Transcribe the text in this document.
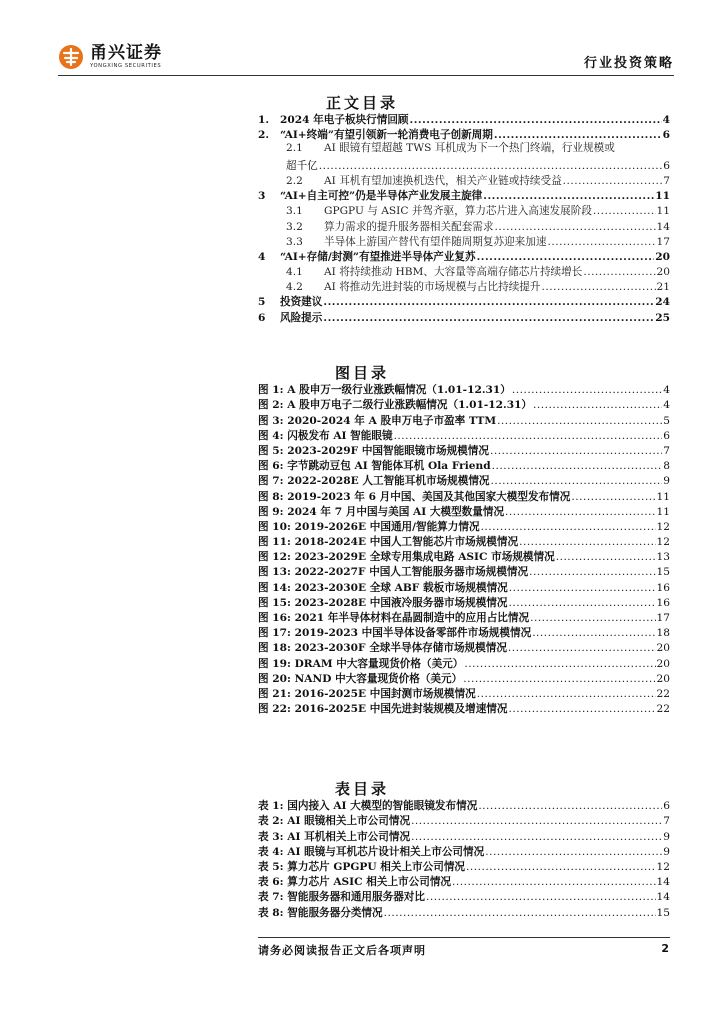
甬兴证券
YONGXING SECURITIES	行业投资策略
正文目录
1.	2024 年电子板块行情回顾 .....	4
2.	“AI+终端”有望引领新一轮消费电子创新周期 .....	6
2.1 AI 眼镜有望超越 TWS 耳机成为下一个热门终端，行业规模或
超千亿 .....	6
2.2	AI 耳机有望加速换机迭代，相关产业链或持续受益 .....	7
3	“AI+自主可控”仍是半导体产业发展主旋律 .....	11
3.1	GPGPU 与 ASIC 并驾齐驱，算力芯片进入高速发展阶段 .....	11
3.2	算力需求的提升服务器相关配套需求 .....	14
3.3	半导体上游国产替代有望伴随周期复苏迎来加速 .....	17
4	“AI+存储/封测”有望推进半导体产业复苏 .....	20
4.1	AI 将持续推动 HBM、大容量等高端存储芯片持续增长 .....	20
4.2	AI 将推动先进封装的市场规模与占比持续提升 .....	21
5	投资建议 .....	24
6	风险提示 .....	25
图目录
图 1: A 股申万一级行业涨跌幅情况（1.01-12.31） .....	4
图 2: A 股申万电子二级行业涨跌幅情况（1.01-12.31） .....	4
图 3: 2020-2024 年 A 股申万电子市盈率 TTM .....	5
图 4: 闪极发布 AI 智能眼镜 .....	6
图 5: 2023-2029F 中国智能眼镜市场规模情况 .....	7
图 6: 字节跳动豆包 AI 智能体耳机 Ola Friend .....	8
图 7: 2022-2028E 人工智能耳机市场规模情况 .....	9
图 8: 2019-2023 年 6 月中国、美国及其他国家大模型发布情况 .....	11
图 9: 2024 年 7 月中国与美国 AI 大模型数量情况 .....	11
图 10: 2019-2026E 中国通用/智能算力情况 .....	12
图 11: 2018-2024E 中国人工智能芯片市场规模情况 .....	12
图 12: 2023-2029E 全球专用集成电路 ASIC 市场规模情况 .....	13
图 13: 2022-2027F 中国人工智能服务器市场规模情况 .....	15
图 14: 2023-2030E 全球 ABF 载板市场规模情况 .....	16
图 15: 2023-2028E 中国液冷服务器市场规模情况 .....	16
图 16: 2021 年半导体材料在晶圆制造中的应用占比情况 .....	17
图 17: 2019-2023 中国半导体设备零部件市场规模情况 .....	18
图 18: 2023-2030F 全球半导体存储市场规模情况 .....	20
图 19: DRAM 中大容量现货价格（美元） .....	20
图 20: NAND 中大容量现货价格（美元） .....	20
图 21: 2016-2025E 中国封测市场规模情况 .....	22
图 22: 2016-2025E 中国先进封装规模及增速情况 .....	22
表目录
表 1: 国内接入 AI 大模型的智能眼镜发布情况 .....	6
表 2: AI 眼镜相关上市公司情况 .....	7
表 3: AI 耳机相关上市公司情况 .....	9
表 4: AI 眼镜与耳机芯片设计相关上市公司情况 .....	9
表 5: 算力芯片 GPGPU 相关上市公司情况 .....	12
表 6: 算力芯片 ASIC 相关上市公司情况 .....	14
表 7: 智能服务器和通用服务器对比 .....	14
表 8: 智能服务器分类情况 .....	15
请务必阅读报告正文后各项声明	2
